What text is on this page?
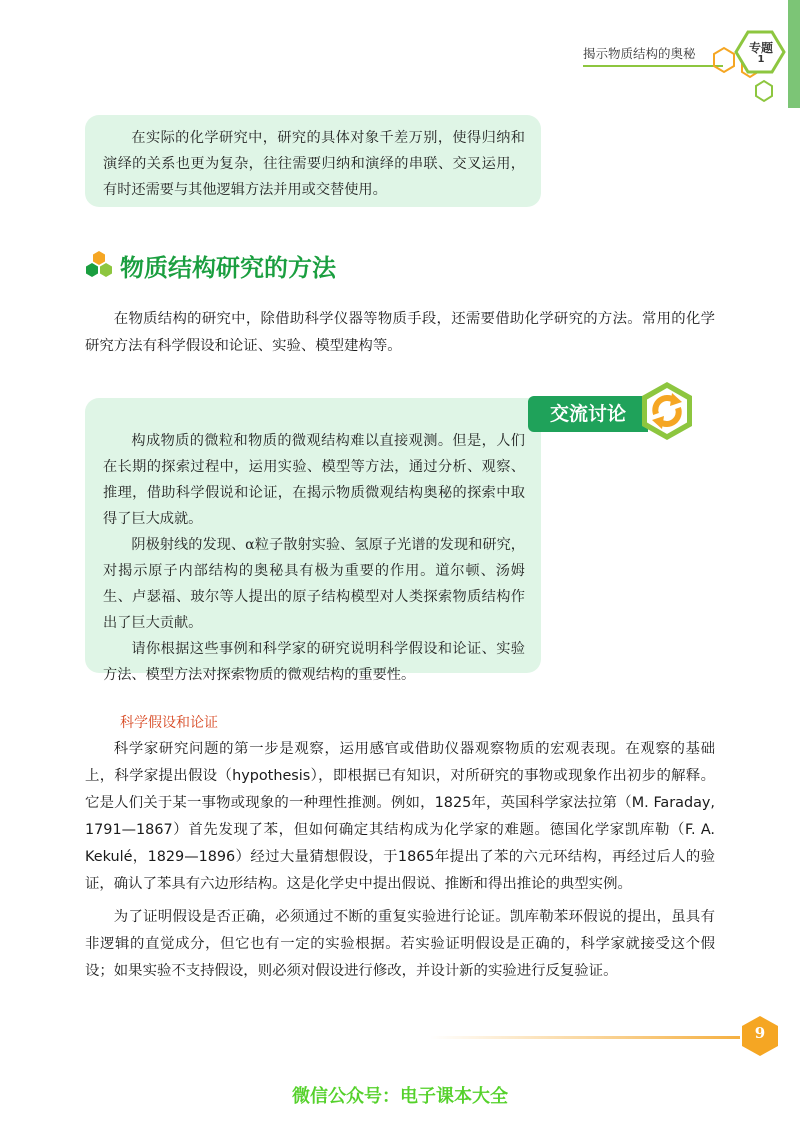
揭示物质结构的奥秘	专题
1

在实际的化学研究中，研究的具体对象千差万别，使得归纳和演绎的关系也更为复杂，往往需要归纳和演绎的串联、交叉运用，有时还需要与其他逻辑方法并用或交替使用。

物质结构研究的方法

在物质结构的研究中，除借助科学仪器等物质手段，还需要借助化学研究的方法。常用的化学研究方法有科学假设和论证、实验、模型建构等。

构成物质的微粒和物质的微观结构难以直接观测。但是，人们在长期的探索过程中，运用实验、模型等方法，通过分析、观察、推理，借助科学假说和论证，在揭示物质微观结构奥秘的探索中取得了巨大成就。

阴极射线的发现、α粒子散射实验、氢原子光谱的发现和研究，对揭示原子内部结构的奥秘具有极为重要的作用。道尔顿、汤姆生、卢瑟福、玻尔等人提出的原子结构模型对人类探索物质结构作出了巨大贡献。

请你根据这些事例和科学家的研究说明科学假设和论证、实验方法、模型方法对探索物质的微观结构的重要性。

交流讨论
科学假设和论证

科学家研究问题的第一步是观察，运用感官或借助仪器观察物质的宏观表现。在观察的基础上，科学家提出假设（hypothesis），即根据已有知识，对所研究的事物或现象作出初步的解释。它是人们关于某一事物或现象的一种理性推测。例如，1825年，英国科学家法拉第（M. Faraday, 1791—1867）首先发现了苯，但如何确定其结构成为化学家的难题。德国化学家凯库勒（F. A. Kekulé，1829—1896）经过大量猜想假设，于1865年提出了苯的六元环结构，再经过后人的验证，确认了苯具有六边形结构。这是化学史中提出假说、推断和得出推论的典型实例。

为了证明假设是否正确，必须通过不断的重复实验进行论证。凯库勒苯环假说的提出，虽具有非逻辑的直觉成分，但它也有一定的实验根据。若实验证明假设是正确的，科学家就接受这个假设；如果实验不支持假设，则必须对假设进行修改，并设计新的实验进行反复验证。

9
微信公众号：电子课本大全
